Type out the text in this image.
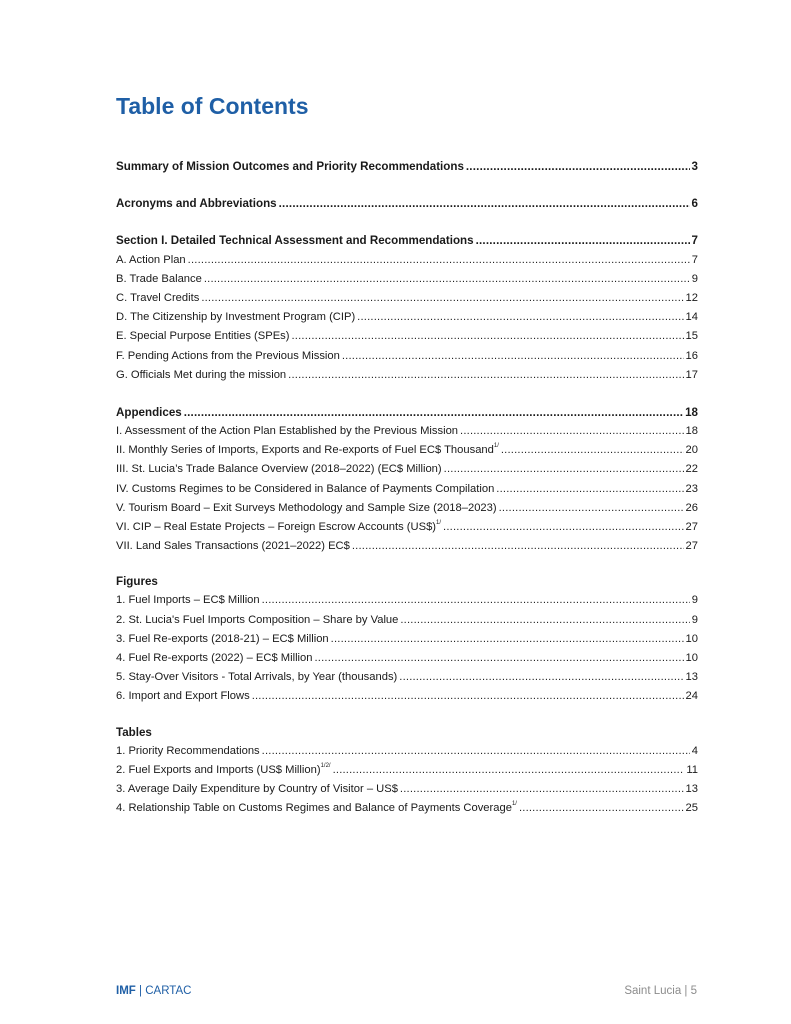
Table of Contents
Summary of Mission Outcomes and Priority Recommendations .....	3
Acronyms and Abbreviations .....	6
Section I. Detailed Technical Assessment and Recommendations .....	7
A. Action Plan .....	7
B. Trade Balance .....	9
C. Travel Credits .....	12
D. The Citizenship by Investment Program (CIP) .....	14
E. Special Purpose Entities (SPEs) .....	15
F. Pending Actions from the Previous Mission .....	16
G. Officials Met during the mission .....	17
Appendices .....	18
I. Assessment of the Action Plan Established by the Previous Mission .....	18
II. Monthly Series of Imports, Exports and Re-exports of Fuel EC$ Thousand$^{1/}$ .....	20
III. St. Lucia’s Trade Balance Overview (2018–2022) (EC$ Million) .....	22
IV. Customs Regimes to be Considered in Balance of Payments Compilation .....	23
V. Tourism Board – Exit Surveys Methodology and Sample Size (2018–2023) .....	26
VI. CIP – Real Estate Projects – Foreign Escrow Accounts (US$)$^{1/}$ .....	27
VII. Land Sales Transactions (2021–2022) EC$ .....	27
Figures
1. Fuel Imports – EC$ Million .....	9
2. St. Lucia's Fuel Imports Composition – Share by Value .....	9
3. Fuel Re-exports (2018-21) – EC$ Million .....	10
4. Fuel Re-exports (2022) – EC$ Million .....	10
5. Stay-Over Visitors - Total Arrivals, by Year (thousands) .....	13
6. Import and Export Flows .....	24
Tables
1. Priority Recommendations .....	4
2. Fuel Exports and Imports (US$ Million)$^{1/2/}$ .....	11
3. Average Daily Expenditure by Country of Visitor – US$ .....	13
4. Relationship Table on Customs Regimes and Balance of Payments Coverage$^{1/}$ .....	25
IMF | CARTAC	Saint Lucia | 5
